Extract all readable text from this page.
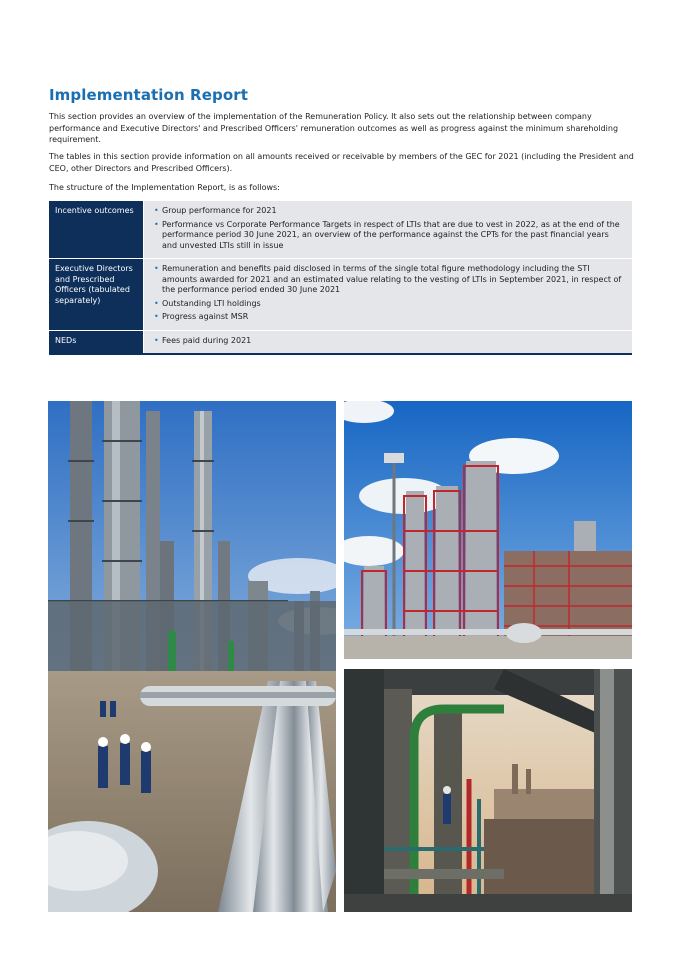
Implementation Report

This section provides an overview of the implementation of the Remuneration Policy. It also sets out the relationship between company performance and Executive Directors' and Prescribed Officers' remuneration outcomes as well as progress against the minimum shareholding requirement.

The tables in this section provide information on all amounts received or receivable by members of the GEC for 2021 (including the President and CEO, other Directors and Prescribed Officers).

The structure of the Implementation Report, is as follows:

Incentive outcomes	• Group performance for 2021
• Performance vs Corporate Performance Targets in respect of LTIs that are due to vest in 2022, as at the end of the performance period 30 June 2021, an overview of the performance against the CPTs for the past financial years and unvested LTIs still in issue
Executive Directors and Prescribed Officers (tabulated separately)
• Remuneration and benefits paid disclosed in terms of the single total figure methodology including the STI amounts awarded for 2021 and an estimated value relating to the vesting of LTIs in September 2021, in respect of the performance period ended 30 June 2021
• Outstanding LTI holdings
• Progress against MSR
NEDs	• Fees paid during 2021
